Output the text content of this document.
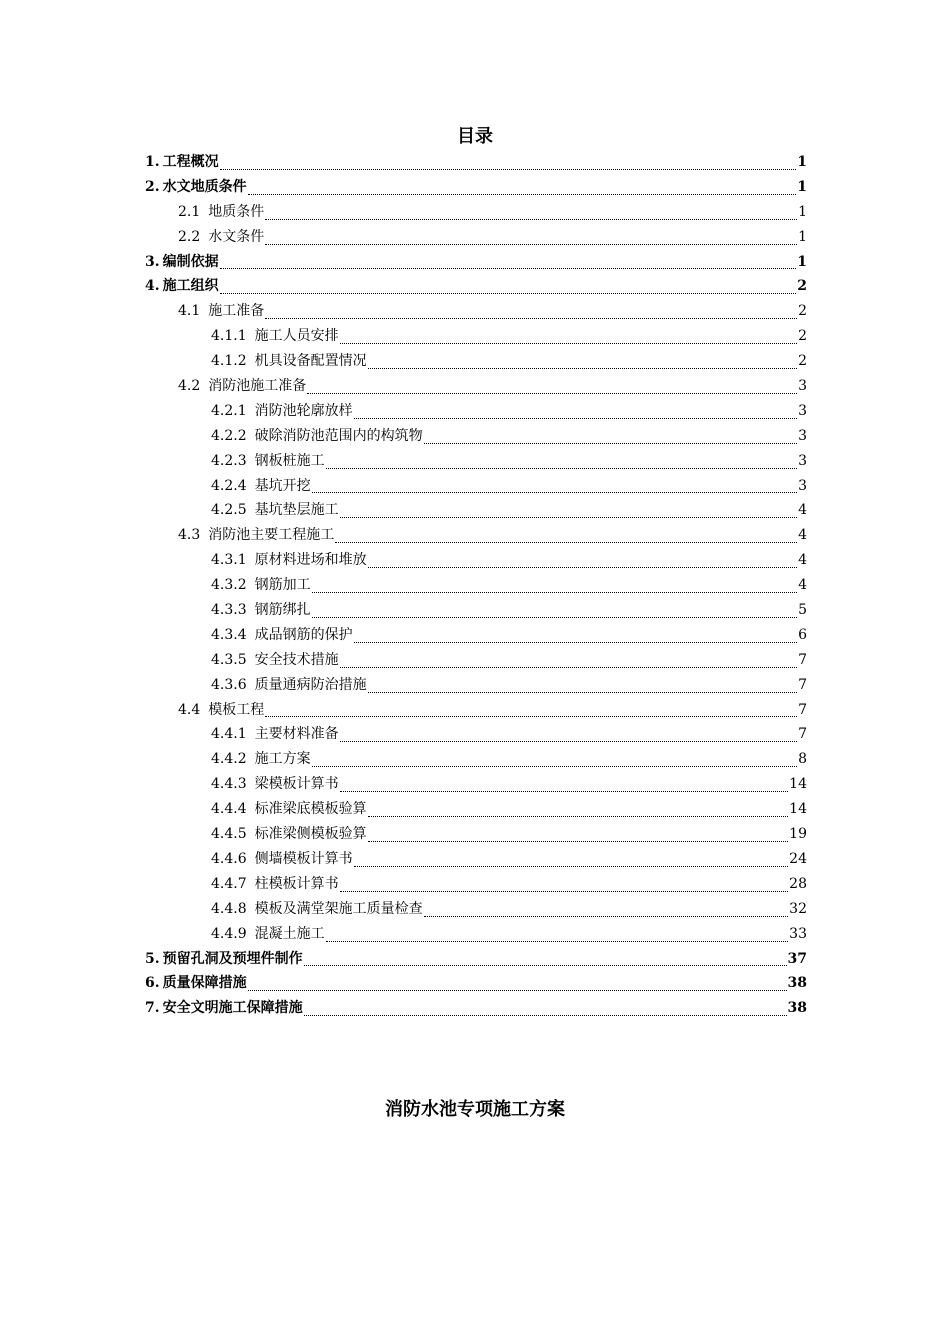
目录
1. 工程概况	1
2. 水文地质条件	1
2.1 地质条件	1
2.2 水文条件	1
3. 编制依据	1
4. 施工组织	2
4.1 施工准备	2
4.1.1 施工人员安排	2
4.1.2 机具设备配置情况	2
4.2 消防池施工准备	3
4.2.1 消防池轮廓放样	3
4.2.2 破除消防池范围内的构筑物	3
4.2.3 钢板桩施工	3
4.2.4 基坑开挖	3
4.2.5 基坑垫层施工	4
4.3 消防池主要工程施工	4
4.3.1 原材料进场和堆放	4
4.3.2 钢筋加工	4
4.3.3 钢筋绑扎	5
4.3.4 成品钢筋的保护	6
4.3.5 安全技术措施	7
4.3.6 质量通病防治措施	7
4.4 模板工程	7
4.4.1 主要材料准备	7
4.4.2 施工方案	8
4.4.3 梁模板计算书	14
4.4.4 标准梁底模板验算	14
4.4.5 标准梁侧模板验算	19
4.4.6 侧墙模板计算书	24
4.4.7 柱模板计算书	28
4.4.8 模板及满堂架施工质量检查	32
4.4.9 混凝土施工	33
5. 预留孔洞及预埋件制作	37
6. 质量保障措施	38
7. 安全文明施工保障措施	38
消防水池专项施工方案
